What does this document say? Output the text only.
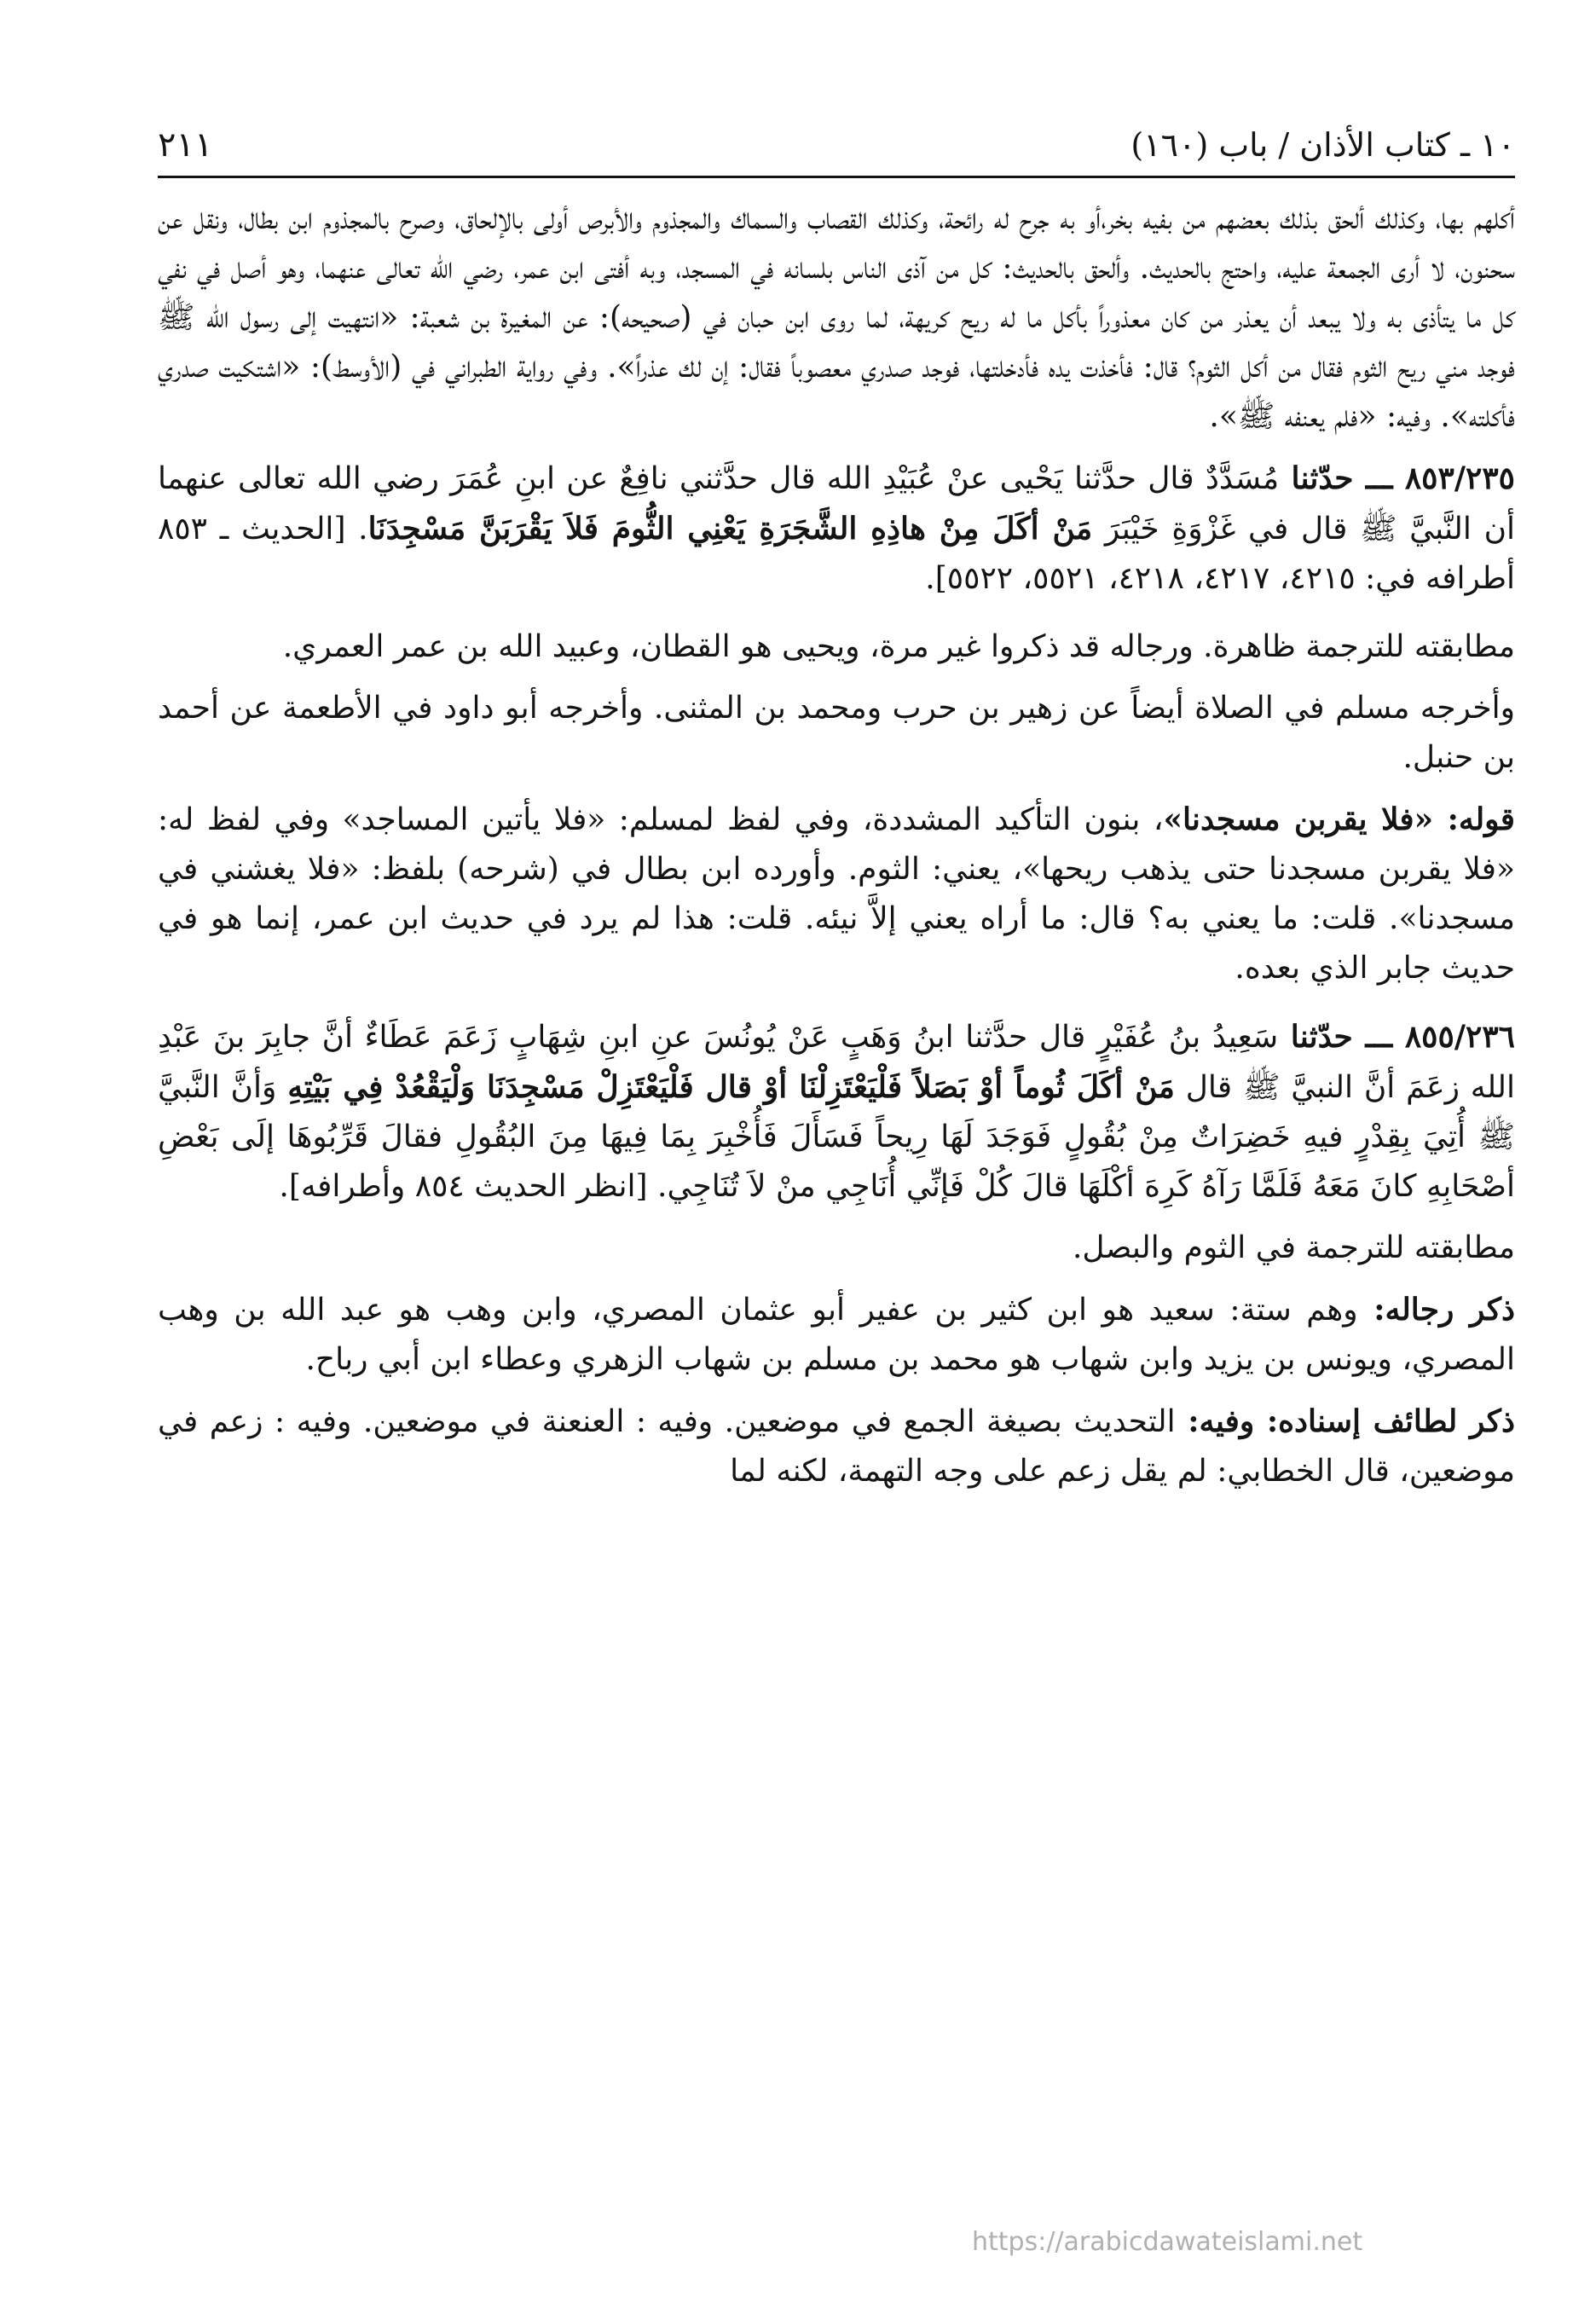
١٠ ـ كتاب الأذان / باب (١٦٠)
٢١١

أكلهم بها، وكذلك ألحق بذلك بعضهم من بفيه بخر،أو به جرح له رائحة، وكذلك القصاب والسماك والمجذوم والأبرص أولى بالإلحاق، وصرح بالمجذوم ابن بطال، ونقل عن سحنون، لا أرى الجمعة عليه، واحتج بالحديث. وألحق بالحديث: كل من آذى الناس بلسانه في المسجد، وبه أفتى ابن عمر، رضي الله تعالى عنهما، وهو أصل في نفي كل ما يتأذى به ولا يبعد أن يعذر من كان معذوراً بأكل ما له ريح كريهة، لما روى ابن حبان في (صحيحه): عن المغيرة بن شعبة: «انتهيت إلى رسول الله ﷺ فوجد مني ريح الثوم فقال من أكل الثوم؟ قال: فأخذت يده فأدخلتها، فوجد صدري معصوباً فقال: إن لك عذراً». وفي رواية الطبراني في (الأوسط): «اشتكيت صدري فأكلته». وفيه: «فلم يعنفه ﷺ».

٨٥٣/٢٣٥ ـــ حدّثنا مُسَدَّدٌ قال حدَّثنا يَحْيى عنْ عُبَيْدِ الله قال حدَّثني نافِعٌ عن ابنِ عُمَرَ رضي الله تعالى عنهما أن النَّبيَّ ﷺ قال في غَزْوَةِ خَيْبَرَ مَنْ أكَلَ مِنْ هاذِهِ الشَّجَرَةِ يَعْنِي الثُّومَ فَلاَ يَقْرَبَنَّ مَسْجِدَنَا. [الحديث ـ ٨٥٣ أطرافه في: ٤٢١٥، ٤٢١٧، ٤٢١٨، ٥٥٢١، ٥٥٢٢].

مطابقته للترجمة ظاهرة. ورجاله قد ذكروا غير مرة، ويحيى هو القطان، وعبيد الله بن عمر العمري.

وأخرجه مسلم في الصلاة أيضاً عن زهير بن حرب ومحمد بن المثنى. وأخرجه أبو داود في الأطعمة عن أحمد بن حنبل.

قوله: «فلا يقربن مسجدنا»، بنون التأكيد المشددة، وفي لفظ لمسلم: «فلا يأتين المساجد» وفي لفظ له: «فلا يقربن مسجدنا حتى يذهب ريحها»، يعني: الثوم. وأورده ابن بطال في (شرحه) بلفظ: «فلا يغشني في مسجدنا». قلت: ما يعني به؟ قال: ما أراه يعني إلاَّ نيئه. قلت: هذا لم يرد في حديث ابن عمر، إنما هو في حديث جابر الذي بعده.

٨٥٥/٢٣٦ ـــ حدّثنا سَعِيدُ بنُ عُفَيْرٍ قال حدَّثنا ابنُ وَهَبٍ عَنْ يُونُسَ عنِ ابنِ شِهَابٍ زَعَمَ عَطَاءٌ أنَّ جابِرَ بنَ عَبْدِ الله زعَمَ أنَّ النبيَّ ﷺ قال مَنْ أكَلَ ثُوماً أوْ بَصَلاً فَلْيَعْتَزِلْنَا أوْ قال فَلْيَعْتَزِلْ مَسْجِدَنَا وَلْيَقْعُدْ فِي بَيْتِهِ وَأنَّ النَّبيَّ ﷺ أُتِيَ بِقِدْرٍ فيهِ خَضِرَاتٌ مِنْ بُقُولٍ فَوَجَدَ لَهَا رِيحاً فَسَأَلَ فَأُخْبِرَ بِمَا فِيهَا مِنَ البُقُولِ فقالَ قَرِّبُوهَا إلَى بَعْضِ أصْحَابِهِ كانَ مَعَهُ فَلَمَّا رَآهُ كَرِهَ أكْلَهَا قالَ كُلْ فَإنِّي أُنَاجِي منْ لاَ تُنَاجِي. [انظر الحديث ٨٥٤ وأطرافه].

مطابقته للترجمة في الثوم والبصل.

ذكر رجاله: وهم ستة: سعيد هو ابن كثير بن عفير أبو عثمان المصري، وابن وهب هو عبد الله بن وهب المصري، ويونس بن يزيد وابن شهاب هو محمد بن مسلم بن شهاب الزهري وعطاء ابن أبي رباح.

ذكر لطائف إسناده: وفيه: التحديث بصيغة الجمع في موضعين. وفيه : العنعنة في موضعين. وفيه : زعم في موضعين، قال الخطابي: لم يقل زعم على وجه التهمة، لكنه لما

https://arabicdawateislami.net
